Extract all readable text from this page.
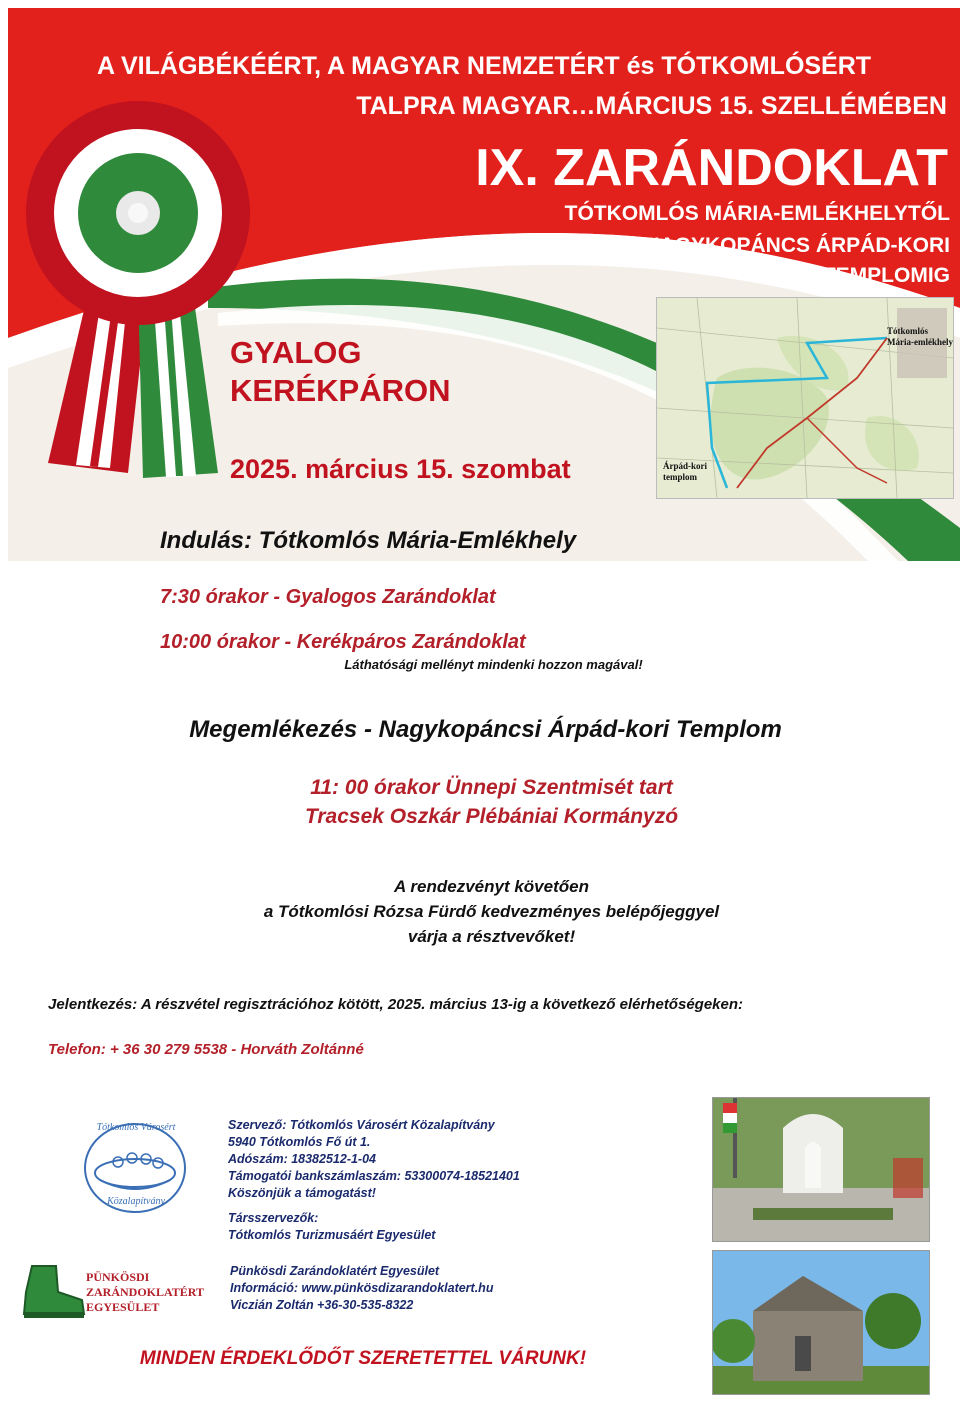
A VILÁGBÉKÉÉRT, A MAGYAR NEMZETÉRT és TÓTKOMLÓSÉRT
TALPRA MAGYAR…MÁRCIUS 15. SZELLÉMÉBEN
IX. ZARÁNDOKLAT
TÓTKOMLÓS MÁRIA-EMLÉKHELYTŐL
NAGYKOPÁNCS ÁRPÁD-KORI
TEMPLOMIG
GYALOG
KERÉKPÁRON
2025. március 15. szombat
Tótkomlós
Mária-emlékhely
Árpád-kori
templom
Indulás: Tótkomlós Mária-Emlékhely
7:30 órakor - Gyalogos Zarándoklat
10:00 órakor - Kerékpáros Zarándoklat
Láthatósági mellényt mindenki hozzon magával!
Megemlékezés - Nagykopáncsi Árpád-kori Templom
11: 00 órakor Ünnepi Szentmisét tart
Tracsek Oszkár Plébániai Kormányzó
A rendezvényt követően
a Tótkomlósi Rózsa Fürdő kedvezményes belépőjeggyel
várja a résztvevőket!
Jelentkezés: A részvétel regisztrációhoz kötött, 2025. március 13-ig a következő elérhetőségeken:
Telefon: + 36 30 279 5538 - Horváth Zoltánné
Tótkomlós Városért
Közalapítvány
Szervező: Tótkomlós Városért Közalapítvány
5940 Tótkomlós Fő út 1.
Adószám: 18382512-1-04
Támogatói bankszámlaszám: 53300074-18521401
Köszönjük a támogatást!
Társszervezők:
Tótkomlós Turizmusáért Egyesület
PÜNKÖSDI
ZARÁNDOKLATÉRT
EGYESÜLET
Pünkösdi Zarándoklatért Egyesület
Információ: www.pünkösdizarandoklatert.hu
Viczián Zoltán +36-30-535-8322
MINDEN ÉRDEKLŐDŐT SZERETETTEL VÁRUNK!
